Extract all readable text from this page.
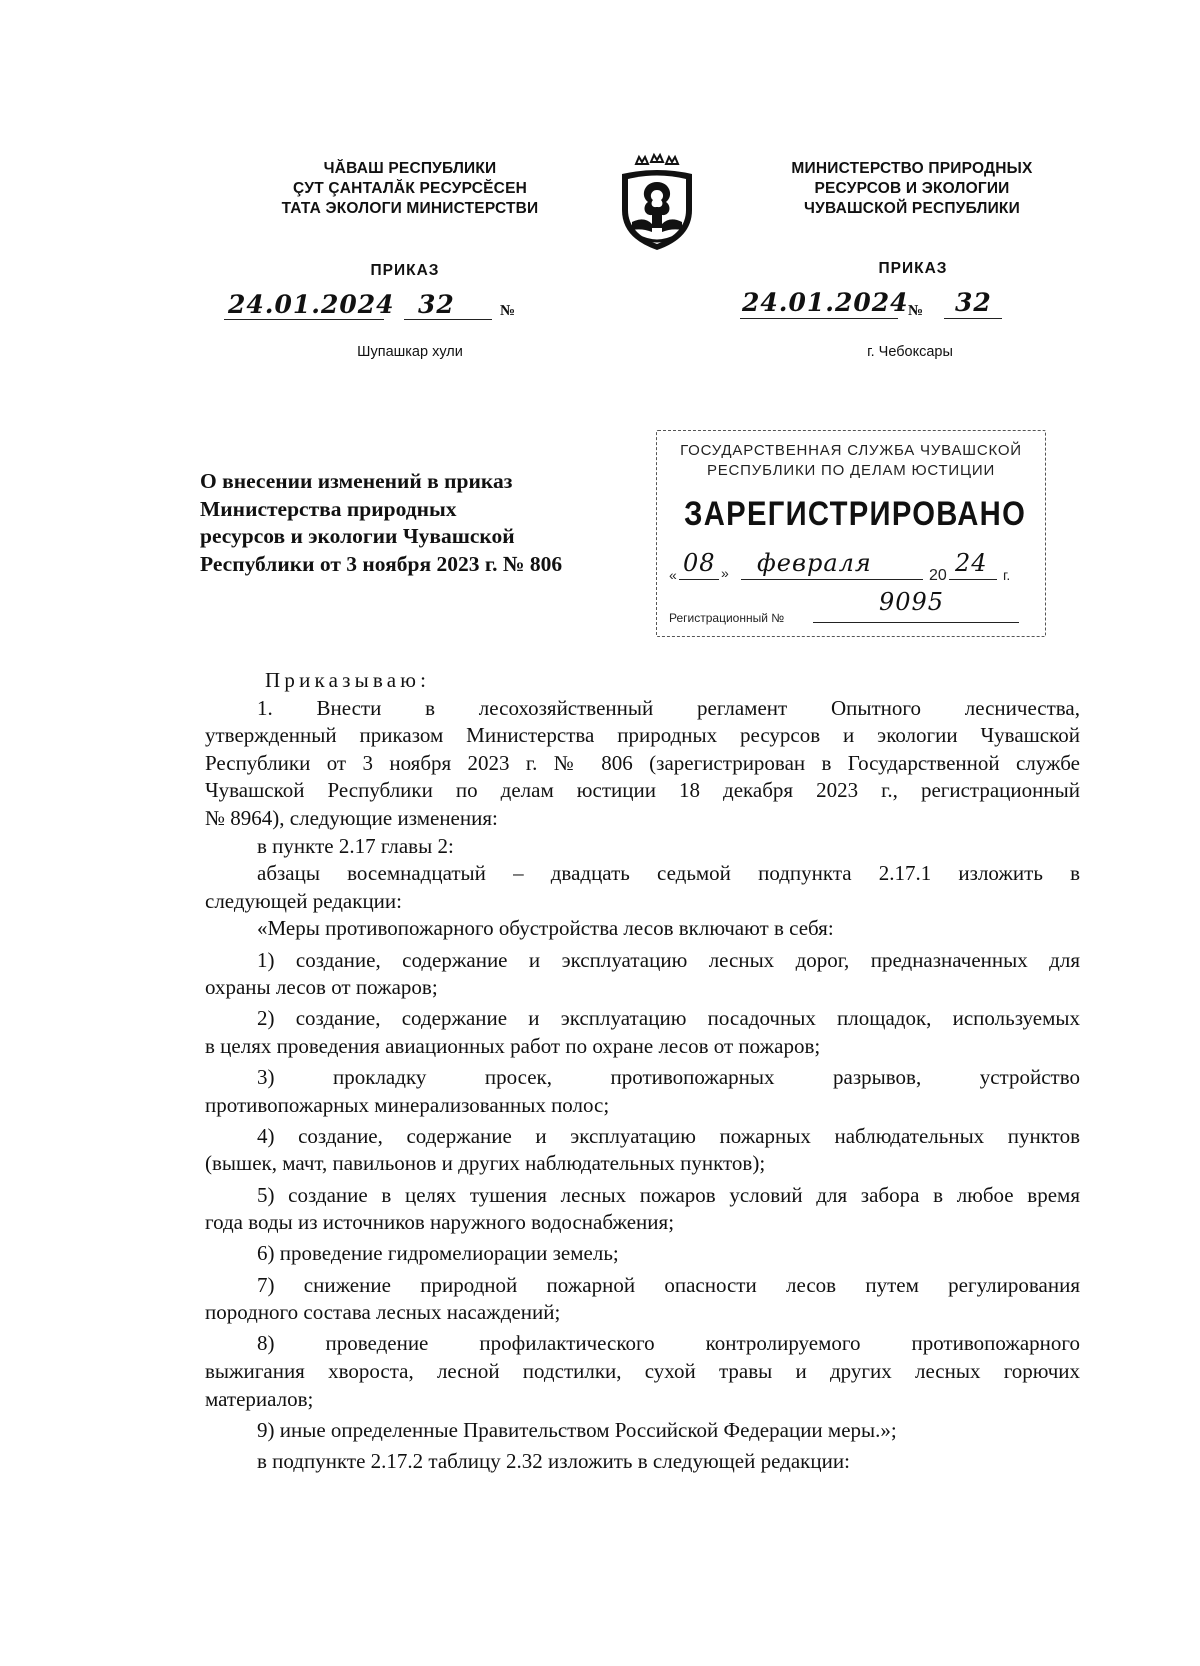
ЧĂВАШ РЕСПУБЛИКИ
ÇУТ ÇАНТАЛĂК РЕСУРСĔСЕН
ТАТА ЭКОЛОГИ МИНИСТЕРСТВИ
МИНИСТЕРСТВО ПРИРОДНЫХ
РЕСУРСОВ И ЭКОЛОГИИ
ЧУВАШСКОЙ РЕСПУБЛИКИ
ПРИКАЗ	ПРИКАЗ
24.01.2024 32	№	24.01.2024 № 32
Шупашкар хули	г. Чебоксары
О внесении изменений в приказ
Министерства природных
ресурсов и экологии Чувашской
Республики от 3 ноября 2023 г. № 806
ГОСУДАРСТВЕННАЯ СЛУЖБА ЧУВАШСКОЙ
РЕСПУБЛИКИ ПО ДЕЛАМ ЮСТИЦИИ
ЗАРЕГИСТРИРОВАНО
« 08 » февраля	20 24 г.
Регистрационный №
9095
Приказываю:
1. Внести в лесохозяйственный регламент Опытного лесничества,
утвержденный приказом Министерства природных ресурсов и экологии Чувашской
Республики от 3 ноября 2023 г. № 806 (зарегистрирован в Государственной службе
Чувашской Республики по делам юстиции 18 декабря 2023 г., регистрационный
№ 8964), следующие изменения:
в пункте 2.17 главы 2:
абзацы восемнадцатый – двадцать седьмой подпункта 2.17.1 изложить в
следующей редакции:
«Меры противопожарного обустройства лесов включают в себя:
1) создание, содержание и эксплуатацию лесных дорог, предназначенных для
охраны лесов от пожаров;
2) создание, содержание и эксплуатацию посадочных площадок, используемых
в целях проведения авиационных работ по охране лесов от пожаров;
3) прокладку просек, противопожарных разрывов, устройство
противопожарных минерализованных полос;
4) создание, содержание и эксплуатацию пожарных наблюдательных пунктов
(вышек, мачт, павильонов и других наблюдательных пунктов);
5) создание в целях тушения лесных пожаров условий для забора в любое время
года воды из источников наружного водоснабжения;
6) проведение гидромелиорации земель;
7) снижение природной пожарной опасности лесов путем регулирования
породного состава лесных насаждений;
8) проведение профилактического контролируемого противопожарного
выжигания хвороста, лесной подстилки, сухой травы и других лесных горючих
материалов;
9) иные определенные Правительством Российской Федерации меры.»;
в подпункте 2.17.2 таблицу 2.32 изложить в следующей редакции:
